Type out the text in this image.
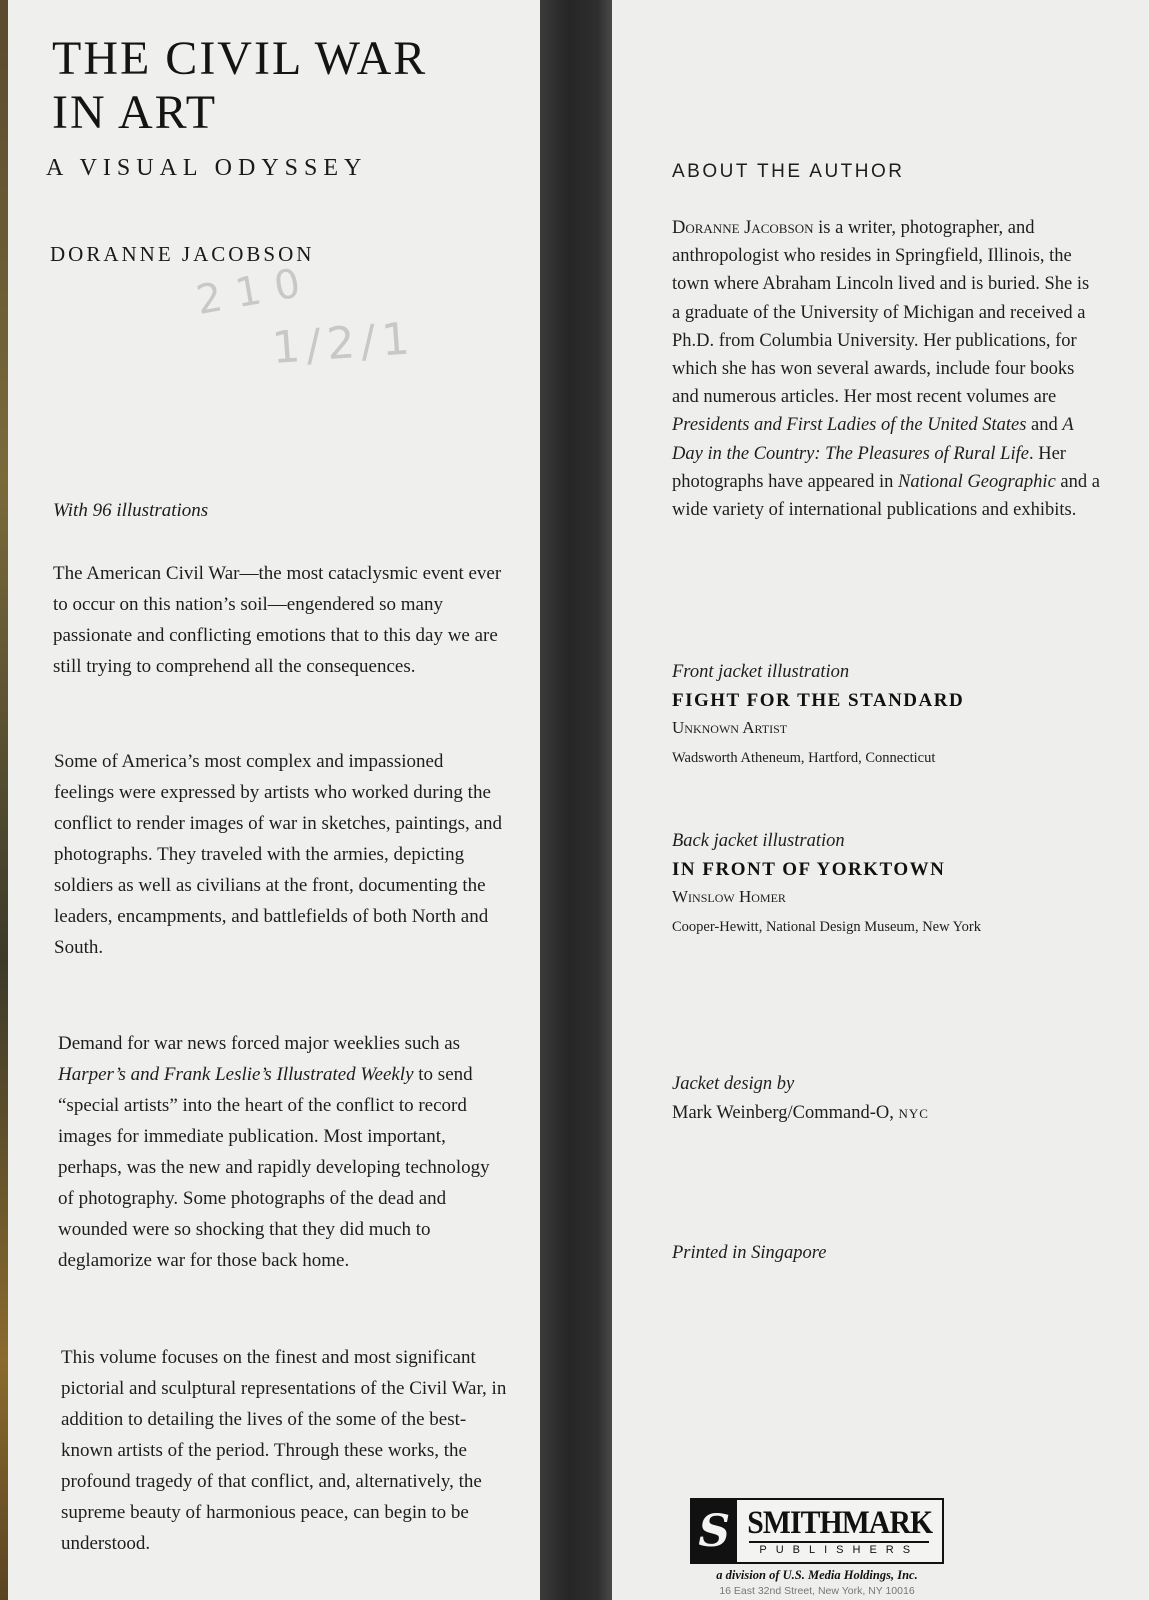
THE CIVIL WAR
IN ART
A VISUAL ODYSSEY
DORANNE JACOBSON
210
1/2/1
With 96 illustrations

The American Civil War—the most cataclysmic event ever to occur on this nation’s soil—engendered so many passionate and conflicting emotions that to this day we are still trying to comprehend all the consequences.

Some of America’s most complex and impassioned feelings were expressed by artists who worked during the conflict to render images of war in sketches, paintings, and photographs. They traveled with the armies, depicting soldiers as well as civilians at the front, documenting the leaders, encampments, and battlefields of both North and South.

Demand for war news forced major weeklies such as Harper’s and Frank Leslie’s Illustrated Weekly to send “special artists” into the heart of the conflict to record images for immediate publication. Most important, perhaps, was the new and rapidly developing technology of photography. Some photographs of the dead and wounded were so shocking that they did much to deglamorize war for those back home.

This volume focuses on the finest and most significant pictorial and sculptural representations of the Civil War, in addition to detailing the lives of the some of the best-known artists of the period. Through these works, the profound tragedy of that conflict, and, alternatively, the supreme beauty of harmonious peace, can begin to be understood.

ABOUT THE AUTHOR

Doranne Jacobson is a writer, photographer, and anthropologist who resides in Springfield, Illinois, the town where Abraham Lincoln lived and is buried. She is a graduate of the University of Michigan and received a Ph.D. from Columbia University. Her publications, for which she has won several awards, include four books and numerous articles. Her most recent volumes are Presidents and First Ladies of the United States and A Day in the Country: The Pleasures of Rural Life. Her photographs have appeared in National Geographic and a wide variety of international publications and exhibits.

Front jacket illustration
FIGHT FOR THE STANDARD
Unknown Artist
Wadsworth Atheneum, Hartford, Connecticut
Back jacket illustration
IN FRONT OF YORKTOWN
Winslow Homer
Cooper-Hewitt, National Design Museum, New York
Jacket design by
Mark Weinberg/Command-O, NYC
Printed in Singapore
S SMITHMARK
PUBLISHERS
a division of U.S. Media Holdings, Inc.
16 East 32nd Street, New York, NY 10016
